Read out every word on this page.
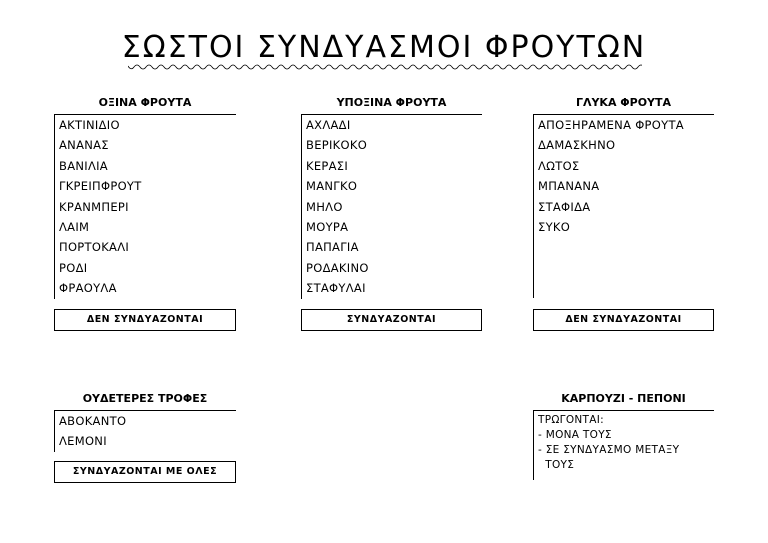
ΣΩΣΤΟΙ ΣΥΝΔΥΑΣΜΟΙ ΦΡΟΥΤΩΝ
ΟΞΙΝΑ ΦΡΟΥΤΑ
ΑΚΤΙΝΙΔΙΟ
ΑΝΑΝΑΣ
ΒΑΝΙΛΙΑ
ΓΚΡΕΙΠΦΡΟΥΤ
ΚΡΑΝΜΠΕΡΙ
ΛΑΙΜ
ΠΟΡΤΟΚΑΛΙ
ΡΟΔΙ
ΦΡΑΟΥΛΑ
ΔΕΝ ΣΥΝΔΥΑΖΟΝΤΑΙ
ΥΠΟΞΙΝΑ ΦΡΟΥΤΑ
ΑΧΛΑΔΙ
ΒΕΡΙΚΟΚΟ
ΚΕΡΑΣΙ
ΜΑΝΓΚΟ
ΜΗΛΟ
ΜΟΥΡΑ
ΠΑΠΑΓΙΑ
ΡΟΔΑΚΙΝΟ
ΣΤΑΦΥΛΑΙ
ΣΥΝΔΥΑΖΟΝΤΑΙ
ΓΛΥΚΑ ΦΡΟΥΤΑ
ΑΠΟΞΗΡΑΜΕΝΑ ΦΡΟΥΤΑ
ΔΑΜΑΣΚΗΝΟ
ΛΩΤΟΣ
ΜΠΑΝΑΝΑ
ΣΤΑΦΙΔΑ
ΣΥΚΟ
ΔΕΝ ΣΥΝΔΥΑΖΟΝΤΑΙ
ΟΥΔΕΤΕΡΕΣ ΤΡΟΦΕΣ
ΑΒΟΚΑΝΤΟ
ΛΕΜΟΝΙ
ΣΥΝΔΥΑΖΟΝΤΑΙ ΜΕ ΟΛΕΣ
ΚΑΡΠΟΥΖΙ - ΠΕΠΟΝΙ
ΤΡΩΓΟΝΤΑΙ:
- ΜΟΝΑ ΤΟΥΣ
- ΣΕ ΣΥΝΔΥΑΣΜΟ ΜΕΤΑΞΥ
ΤΟΥΣ
